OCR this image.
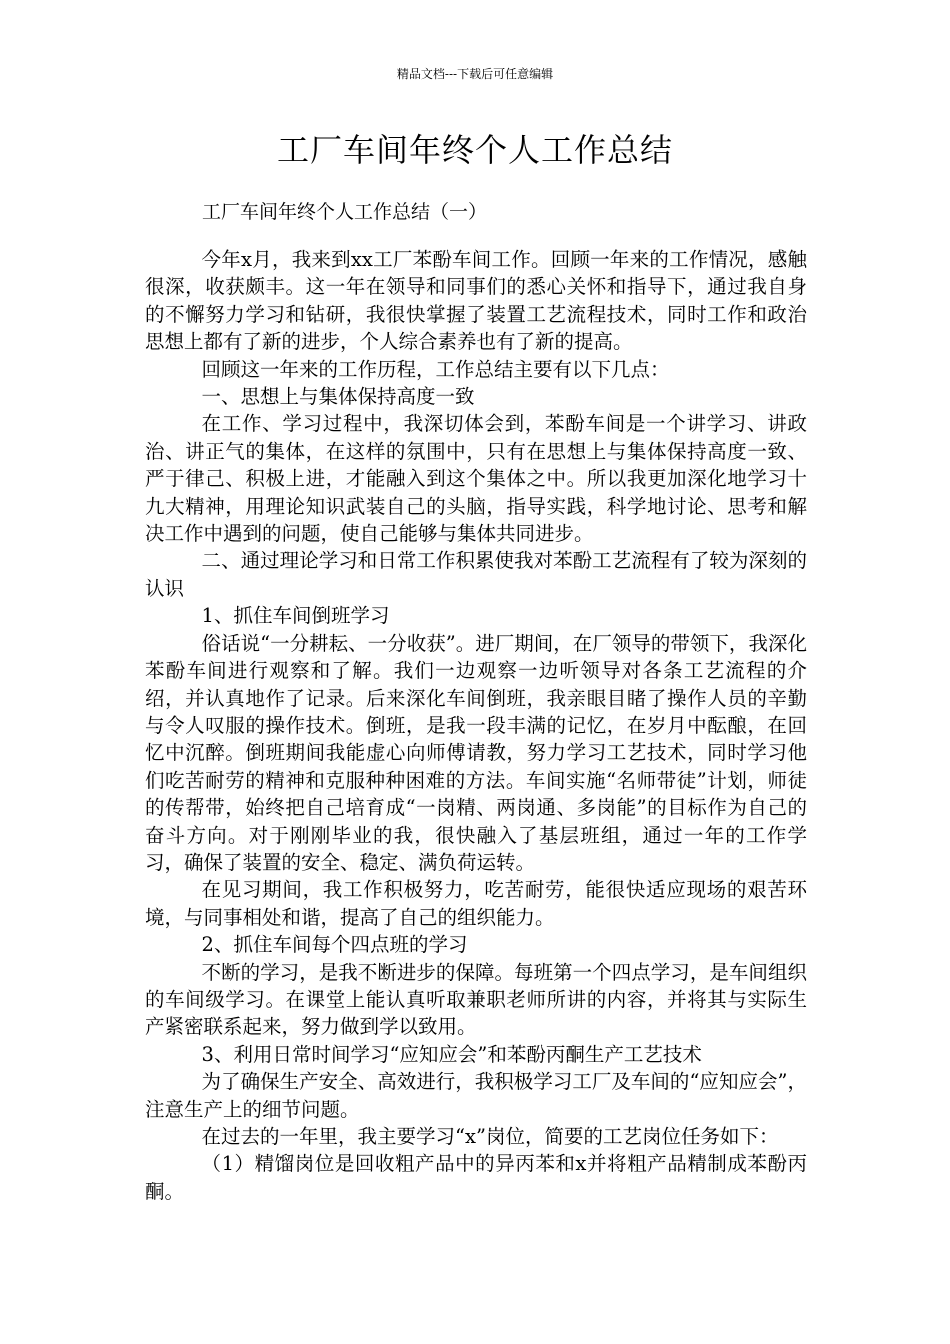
精品文档---下载后可任意编辑
工厂车间年终个人工作总结

工厂车间年终个人工作总结（一）

今年x月，我来到xx工厂苯酚车间工作。回顾一年来的工作情况，感触很深，收获颇丰。这一年在领导和同事们的悉心关怀和指导下，通过我自身的不懈努力学习和钻研，我很快掌握了装置工艺流程技术，同时工作和政治思想上都有了新的进步，个人综合素养也有了新的提高。

回顾这一年来的工作历程，工作总结主要有以下几点：

一、思想上与集体保持高度一致

在工作、学习过程中，我深切体会到，苯酚车间是一个讲学习、讲政治、讲正气的集体，在这样的氛围中，只有在思想上与集体保持高度一致、严于律己、积极上进，才能融入到这个集体之中。所以我更加深化地学习十九大精神，用理论知识武装自己的头脑，指导实践，科学地讨论、思考和解决工作中遇到的问题，使自己能够与集体共同进步。

二、通过理论学习和日常工作积累使我对苯酚工艺流程有了较为深刻的认识

1、抓住车间倒班学习

俗话说“一分耕耘、一分收获”。进厂期间，在厂领导的带领下，我深化苯酚车间进行观察和了解。我们一边观察一边听领导对各条工艺流程的介绍，并认真地作了记录。后来深化车间倒班，我亲眼目睹了操作人员的辛勤与令人叹服的操作技术。倒班，是我一段丰满的记忆，在岁月中酝酿，在回忆中沉醉。倒班期间我能虚心向师傅请教，努力学习工艺技术，同时学习他们吃苦耐劳的精神和克服种种困难的方法。车间实施“名师带徒”计划，师徒的传帮带，始终把自己培育成“一岗精、两岗通、多岗能”的目标作为自己的奋斗方向。对于刚刚毕业的我，很快融入了基层班组，通过一年的工作学习，确保了装置的安全、稳定、满负荷运转。

在见习期间，我工作积极努力，吃苦耐劳，能很快适应现场的艰苦环境，与同事相处和谐，提高了自己的组织能力。

2、抓住车间每个四点班的学习

不断的学习，是我不断进步的保障。每班第一个四点学习，是车间组织的车间级学习。在课堂上能认真听取兼职老师所讲的内容，并将其与实际生产紧密联系起来，努力做到学以致用。

3、利用日常时间学习“应知应会”和苯酚丙酮生产工艺技术

为了确保生产安全、高效进行，我积极学习工厂及车间的“应知应会”，注意生产上的细节问题。

在过去的一年里，我主要学习“x”岗位，简要的工艺岗位任务如下：

（1）精馏岗位是回收粗产品中的异丙苯和x并将粗产品精制成苯酚丙酮。
